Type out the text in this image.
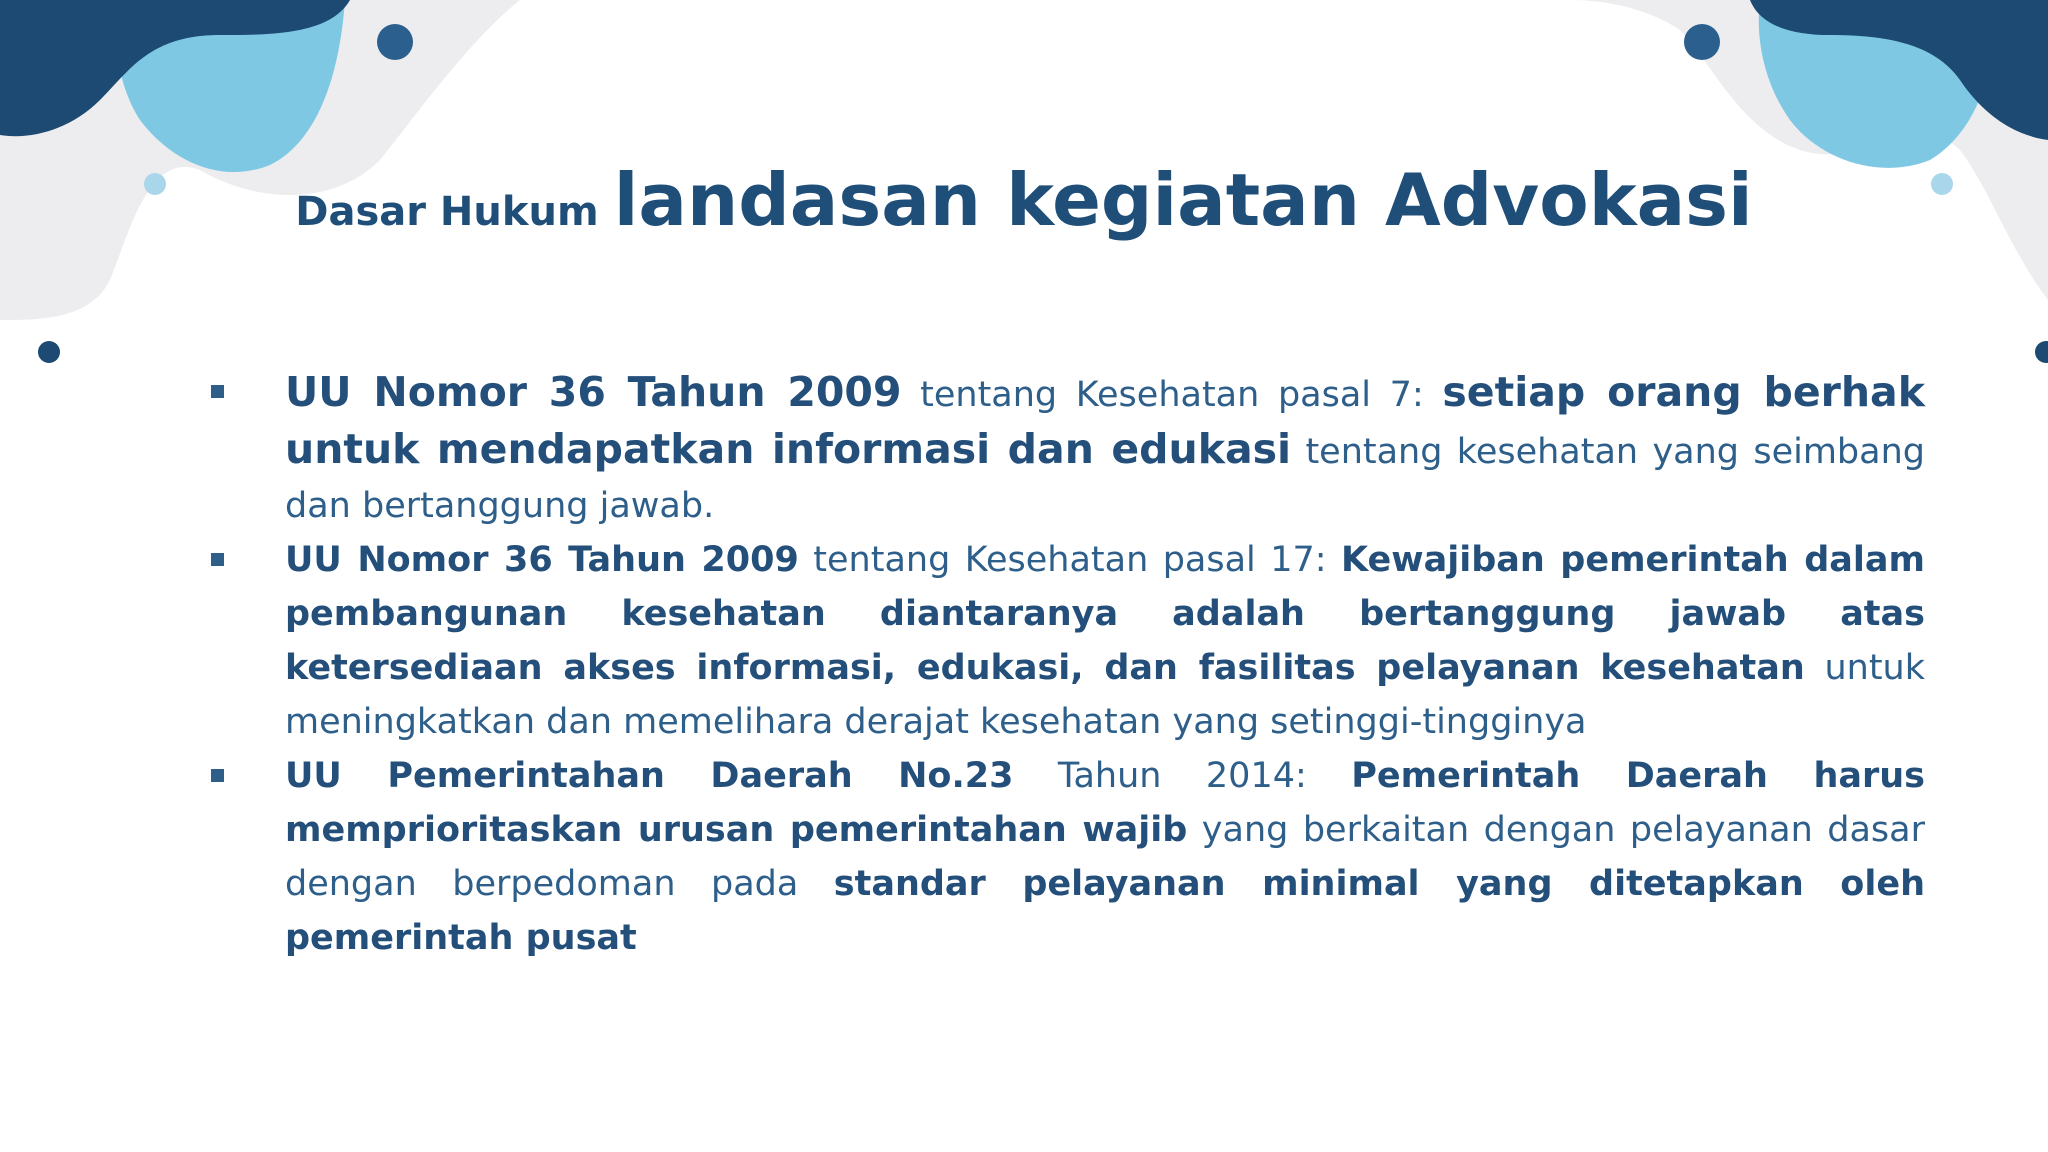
Dasar Hukum landasan kegiatan Advokasi
UU Nomor 36 Tahun 2009 tentang Kesehatan pasal 7: setiap orang berhak untuk mendapatkan informasi dan edukasi tentang kesehatan yang seimbang dan bertanggung jawab.
UU Nomor 36 Tahun 2009 tentang Kesehatan pasal 17: Kewajiban pemerintah dalam pembangunan kesehatan diantaranya adalah bertanggung jawab atas ketersediaan akses informasi, edukasi, dan fasilitas pelayanan kesehatan untuk meningkatkan dan memelihara derajat kesehatan yang setinggi-tingginya
UU Pemerintahan Daerah No.23 Tahun 2014: Pemerintah Daerah harus memprioritaskan urusan pemerintahan wajib yang berkaitan dengan pelayanan dasar dengan berpedoman pada standar pelayanan minimal yang ditetapkan oleh pemerintah pusat
